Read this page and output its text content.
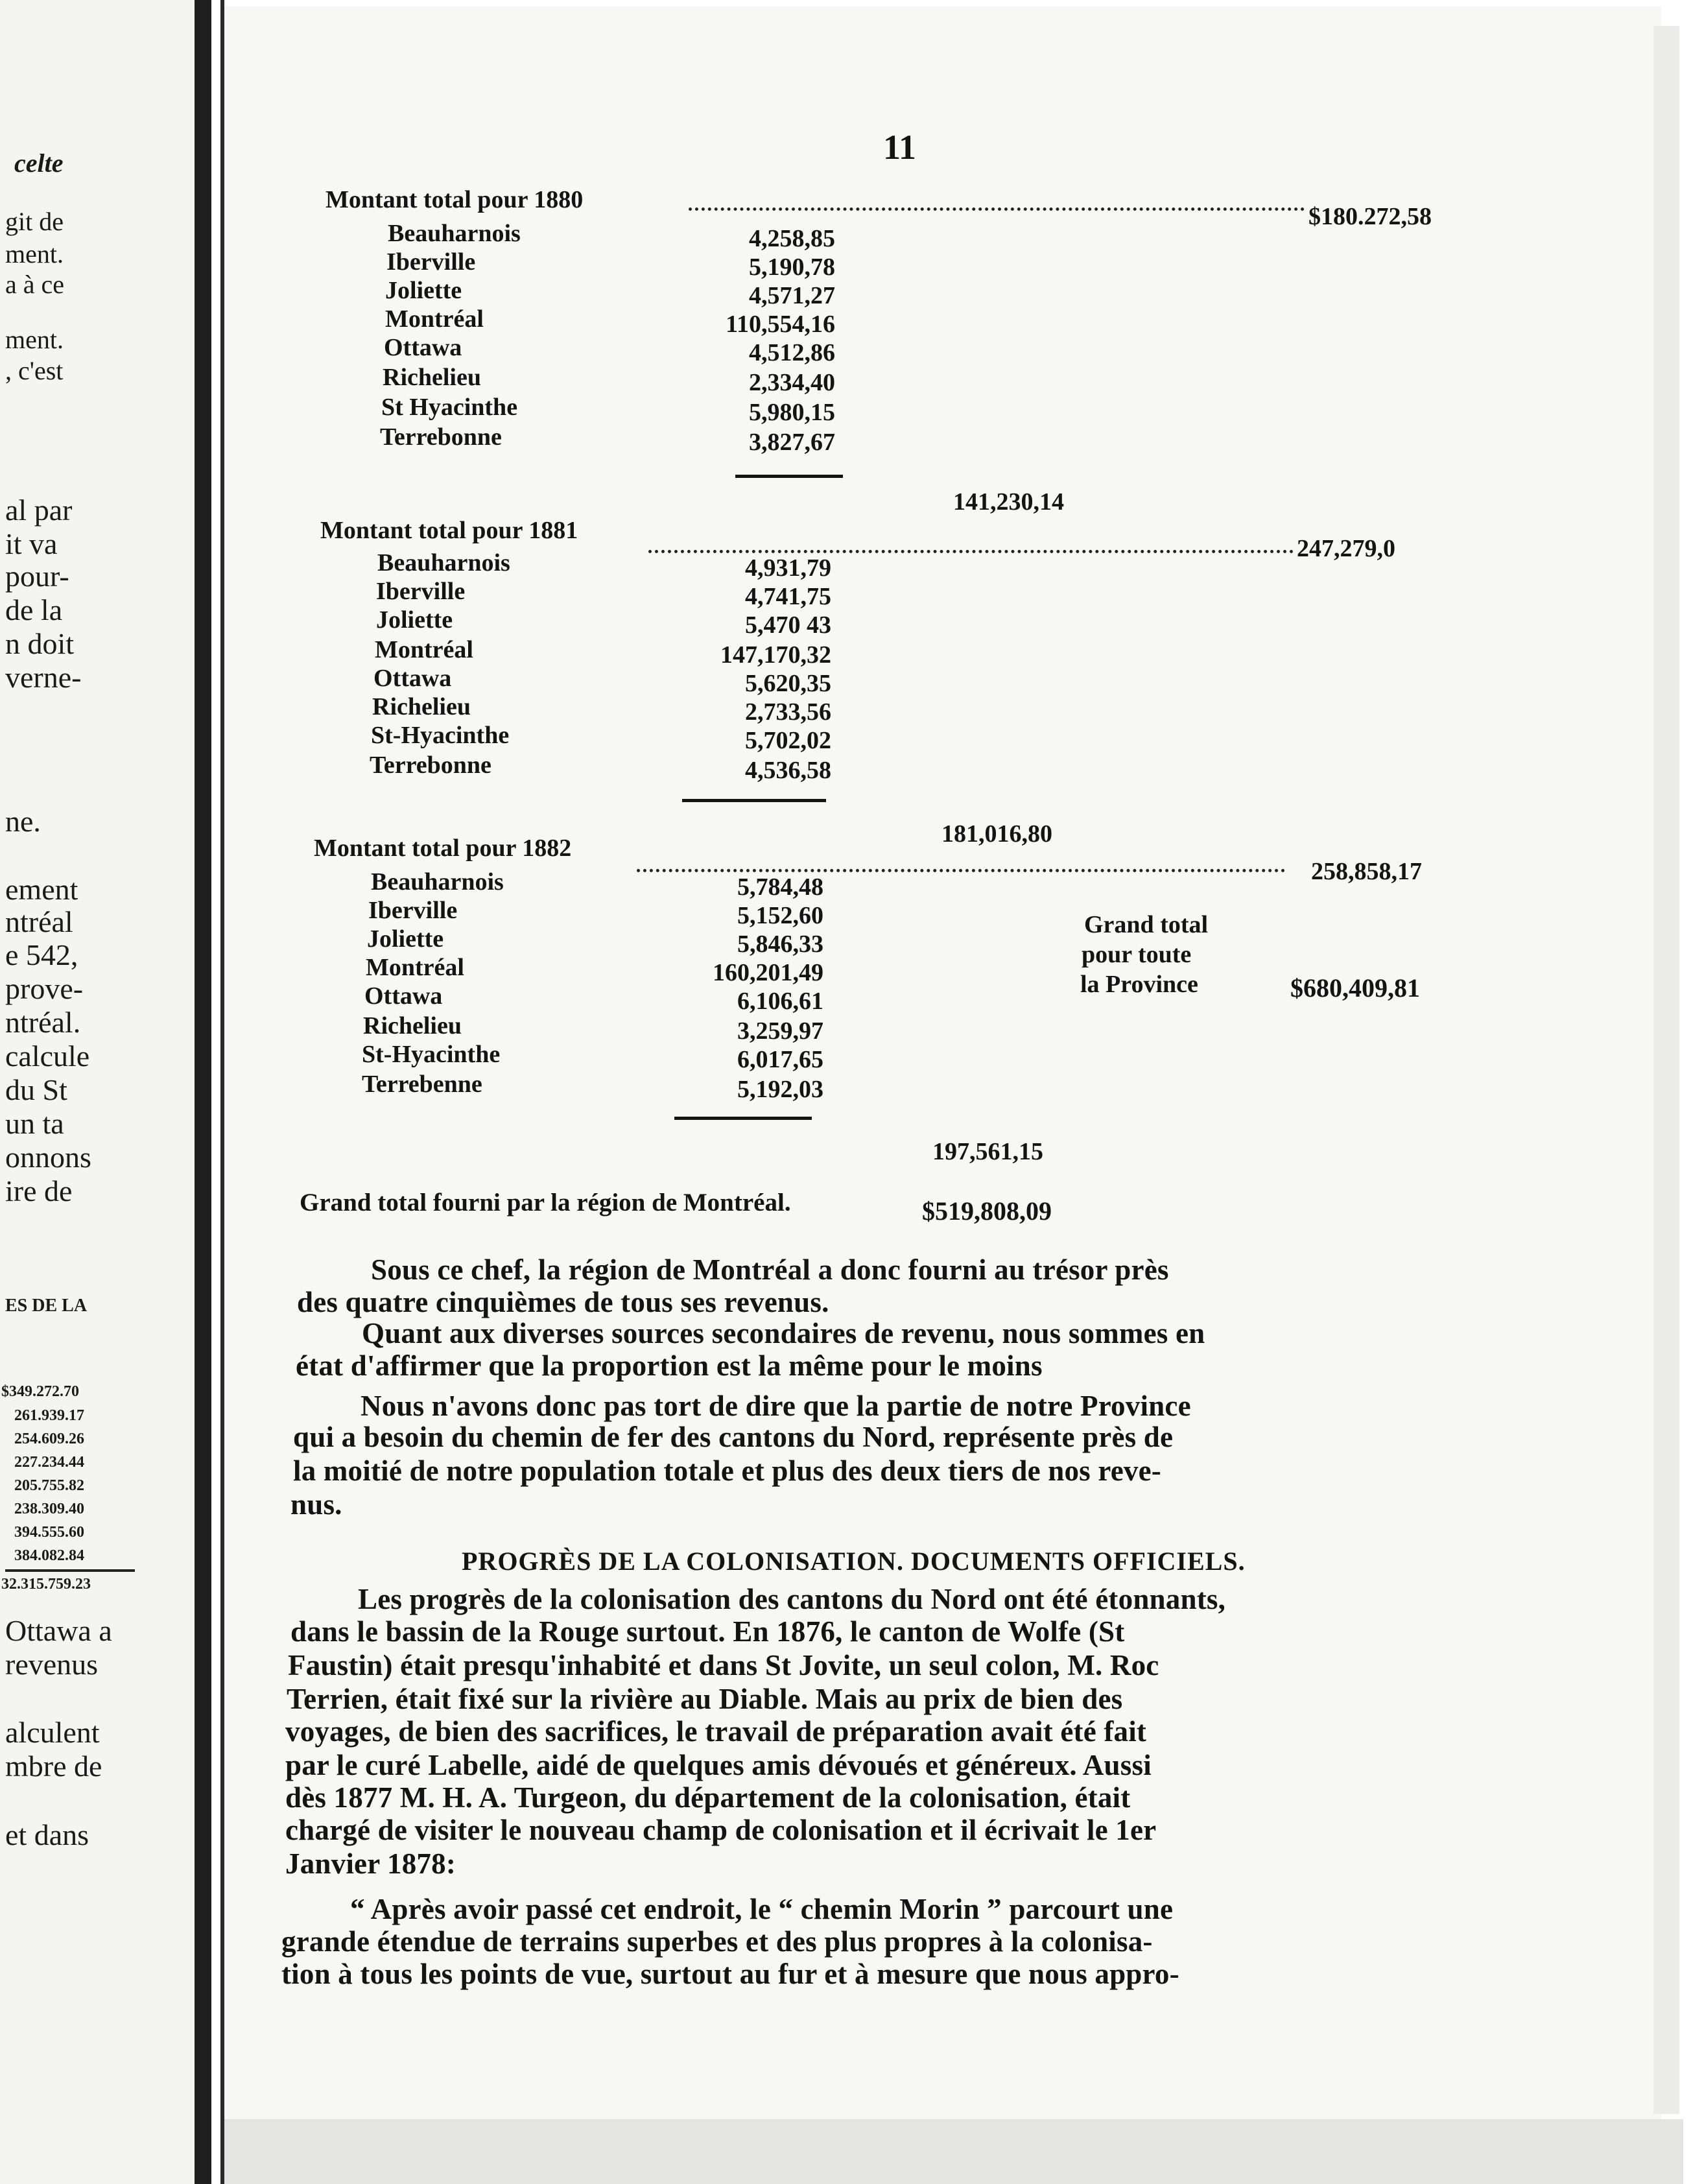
celte
git de
ment.
a à ce
ment.
, c'est
al par
it va
pour-
de la
n doit
verne-
ne.
ement
ntréal
e 542,
prove-
ntréal.
calcule
du St
un ta
onnons
ire de
ES DE LA
$349.272.70
261.939.17
254.609.26
227.234.44
205.755.82
238.309.40
394.555.60
384.082.84
32.315.759.23
Ottawa a
revenus
alculent
mbre de
et dans
11
Montant total pour 1880
$180.272,58
Beauharnois	4,258,85
Iberville	5,190,78
Joliette	4,571,27
Montréal	110,554,16
Ottawa	4,512,86
Richelieu	2,334,40
St Hyacinthe	5,980,15
Terrebonne	3,827,67
141,230,14
Montant total pour 1881
247,279,0
Beauharnois	4,931,79
Iberville	4,741,75
Joliette	5,470 43
Montréal	147,170,32
Ottawa	5,620,35
Richelieu	2,733,56
St-Hyacinthe	5,702,02
Terrebonne	4,536,58
181,016,80
Montant total pour 1882
258,858,17
Beauharnois	5,784,48
Iberville	5,152,60
Joliette	5,846,33
Montréal	160,201,49
Ottawa	6,106,61
Richelieu	3,259,97
St-Hyacinthe	6,017,65
Terrebenne	5,192,03
197,561,15
Grand total
pour toute
la Province	$680,409,81
Grand total fourni par la région de Montréal.	$519,808,09
Sous ce chef, la région de Montréal a donc fourni au trésor près
des quatre cinquièmes de tous ses revenus.
Quant aux diverses sources secondaires de revenu, nous sommes en
état d'affirmer que la proportion est la même pour le moins
Nous n'avons donc pas tort de dire que la partie de notre Province
qui a besoin du chemin de fer des cantons du Nord, représente près de
la moitié de notre population totale et plus des deux tiers de nos reve-
nus.
PROGRÈS DE LA COLONISATION. DOCUMENTS OFFICIELS.
Les progrès de la colonisation des cantons du Nord ont été étonnants,
dans le bassin de la Rouge surtout. En 1876, le canton de Wolfe (St
Faustin) était presqu'inhabité et dans St Jovite, un seul colon, M. Roc
Terrien, était fixé sur la rivière au Diable. Mais au prix de bien des
voyages, de bien des sacrifices, le travail de préparation avait été fait
par le curé Labelle, aidé de quelques amis dévoués et généreux. Aussi
dès 1877 M. H. A. Turgeon, du département de la colonisation, était
chargé de visiter le nouveau champ de colonisation et il écrivait le 1er
Janvier 1878:
“ Après avoir passé cet endroit, le “ chemin Morin ” parcourt une
grande étendue de terrains superbes et des plus propres à la colonisa-
tion à tous les points de vue, surtout au fur et à mesure que nous appro-
